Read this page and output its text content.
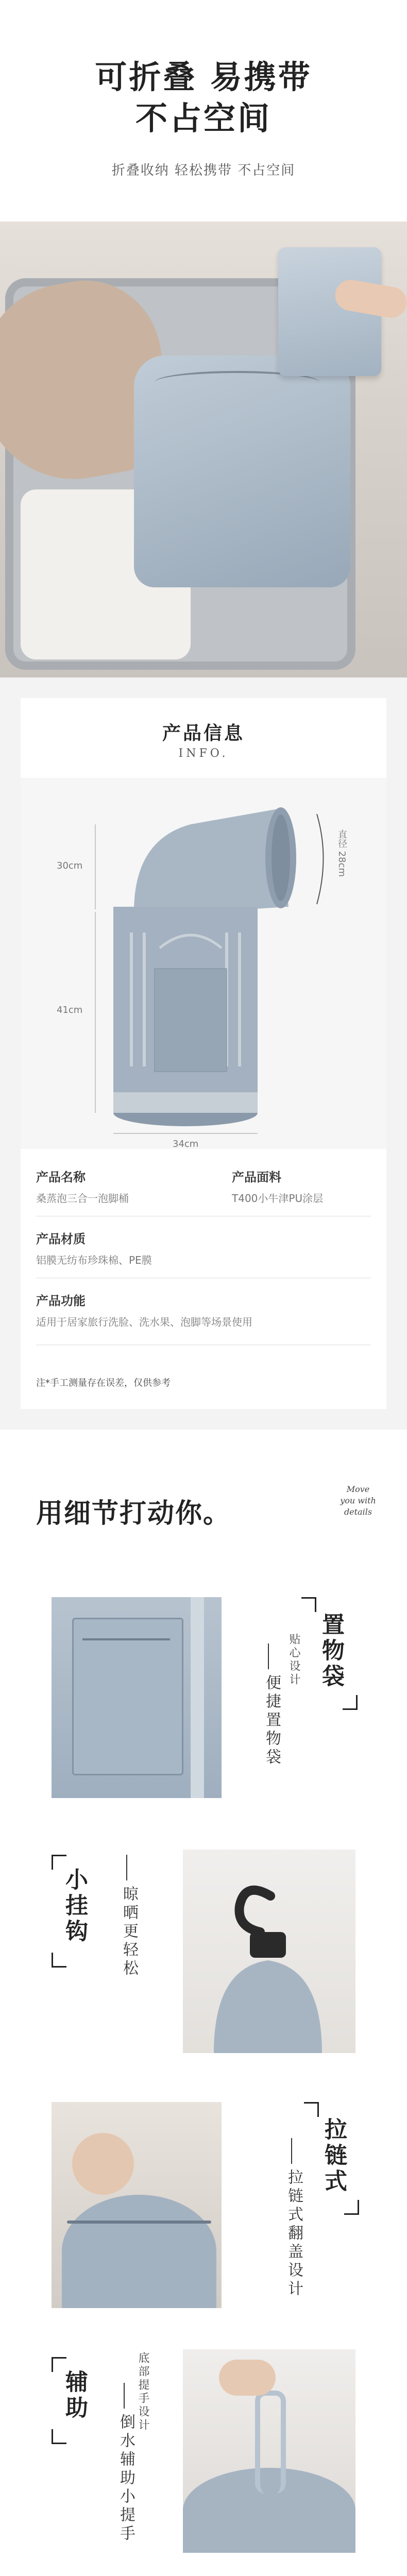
可折叠 易携带
不占空间
折叠收纳 轻松携带 不占空间
产品信息
INFO.
30cm
41cm
34cm
直径 28cm
产品名称
桑蒸泡三合一泡脚桶
产品面料
T400小牛津PU涂层
产品材质
铝膜无纺布珍珠棉、PE膜
产品功能
适用于居家旅行洗脸、洗水果、泡脚等场景使用
注*手工测量存在误差，仅供参考
用细节打动你。
Move
you with
details
置物袋
贴心设计
便捷置物袋
小挂钩 晾晒更轻松
拉链式
拉链式翻盖设计
辅助	底部提手设计
倒水辅助小提手
